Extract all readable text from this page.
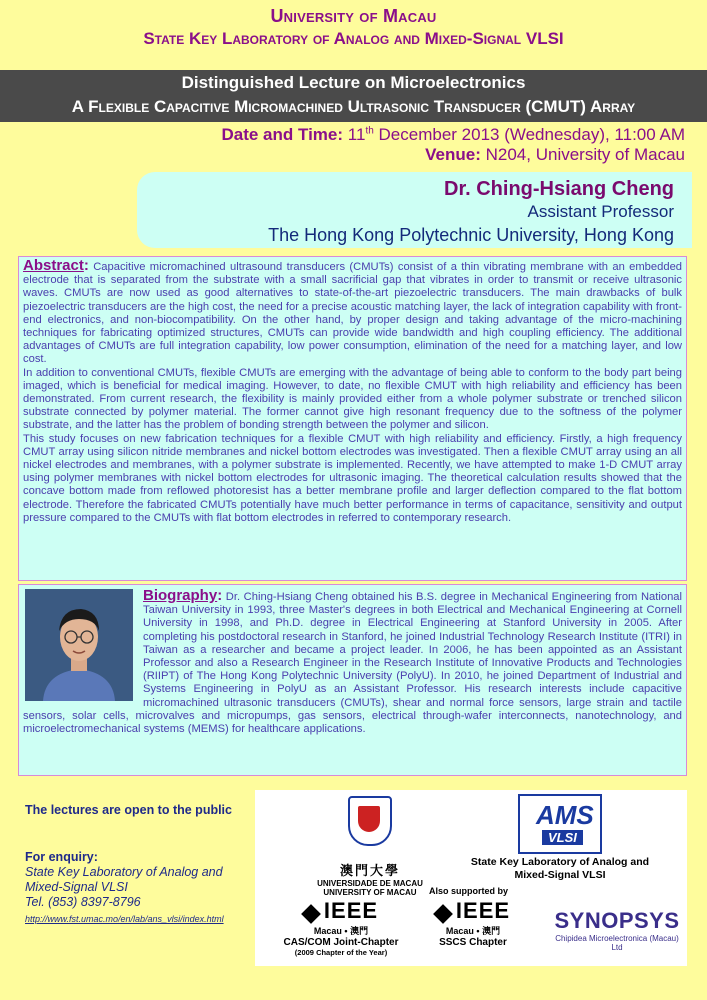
University of Macau
State Key Laboratory of Analog and Mixed-Signal VLSI
Distinguished Lecture on Microelectronics
A Flexible Capacitive Micromachined Ultrasonic Transducer (CMUT) Array
Date and Time: 11th December 2013 (Wednesday), 11:00 AM
Venue: N204, University of Macau
Dr. Ching-Hsiang Cheng
Assistant Professor
The Hong Kong Polytechnic University, Hong Kong

Abstract: Capacitive micromachined ultrasound transducers (CMUTs) consist of a thin vibrating membrane with an embedded electrode that is separated from the substrate with a small sacrificial gap that vibrates in order to transmit or receive ultrasonic waves. CMUTs are now used as good alternatives to state-of-the-art piezoelectric transducers. The main drawbacks of bulk piezoelectric transducers are the high cost, the need for a precise acoustic matching layer, the lack of integration capability with front-end electronics, and non-biocompatibility. On the other hand, by proper design and taking advantage of the micro-machining techniques for fabricating optimized structures, CMUTs can provide wide bandwidth and high coupling efficiency. The additional advantages of CMUTs are full integration capability, low power consumption, elimination of the need for a matching layer, and low cost.

In addition to conventional CMUTs, flexible CMUTs are emerging with the advantage of being able to conform to the body part being imaged, which is beneficial for medical imaging. However, to date, no flexible CMUT with high reliability and efficiency has been demonstrated. From current research, the flexibility is mainly provided either from a whole polymer substrate or trenched silicon substrate connected by polymer material. The former cannot give high resonant frequency due to the softness of the polymer substrate, and the latter has the problem of bonding strength between the polymer and silicon.

This study focuses on new fabrication techniques for a flexible CMUT with high reliability and efficiency. Firstly, a high frequency CMUT array using silicon nitride membranes and nickel bottom electrodes was investigated. Then a flexible CMUT array using an all nickel electrodes and membranes, with a polymer substrate is implemented. Recently, we have attempted to make 1-D CMUT array using polymer membranes with nickel bottom electrodes for ultrasonic imaging. The theoretical calculation results showed that the concave bottom made from reflowed photoresist has a better membrane profile and larger deflection compared to the flat bottom electrode. Therefore the fabricated CMUTs potentially have much better performance in terms of capacitance, sensitivity and output pressure compared to the CMUTs with flat bottom electrodes in referred to contemporary research.

Biography: Dr. Ching-Hsiang Cheng obtained his B.S. degree in Mechanical Engineering from National Taiwan University in 1993, three Master's degrees in both Electrical and Mechanical Engineering at Cornell University in 1998, and Ph.D. degree in Electrical Engineering at Stanford University in 2005. After completing his postdoctoral research in Stanford, he joined Industrial Technology Research Institute (ITRI) in Taiwan as a researcher and became a project leader. In 2006, he has been appointed as an Assistant Professor and also a Research Engineer in the Research Institute of Innovative Products and Technologies (RIIPT) of The Hong Kong Polytechnic University (PolyU). In 2010, he joined Department of Industrial and Systems Engineering in PolyU as an Assistant Professor. His research interests include capacitive micromachined ultrasonic transducers (CMUTs), shear and normal force sensors, large strain and tactile sensors, solar cells, microvalves and micropumps, gas sensors, electrical through-wafer interconnects, nanotechnology, and microelectromechanical systems (MEMS) for healthcare applications.
The lectures are open to the public
For enquiry:
State Key Laboratory of Analog and Mixed-Signal VLSI
Tel. (853) 8397-8796
http://www.fst.umac.mo/en/lab/ans_vlsi/index.html
澳門大學
UNIVERSIDADE DE MACAU
UNIVERSITY OF MACAU
AMS
VLSI
State Key Laboratory of Analog and Mixed-Signal VLSI
Also supported by
IEEE
Macau • 澳門
CAS/COM Joint-Chapter
(2009 Chapter of the Year)
IEEE
Macau • 澳門
SSCS Chapter
SYNOPSYS
Chipidea Microelectronica (Macau) Ltd
